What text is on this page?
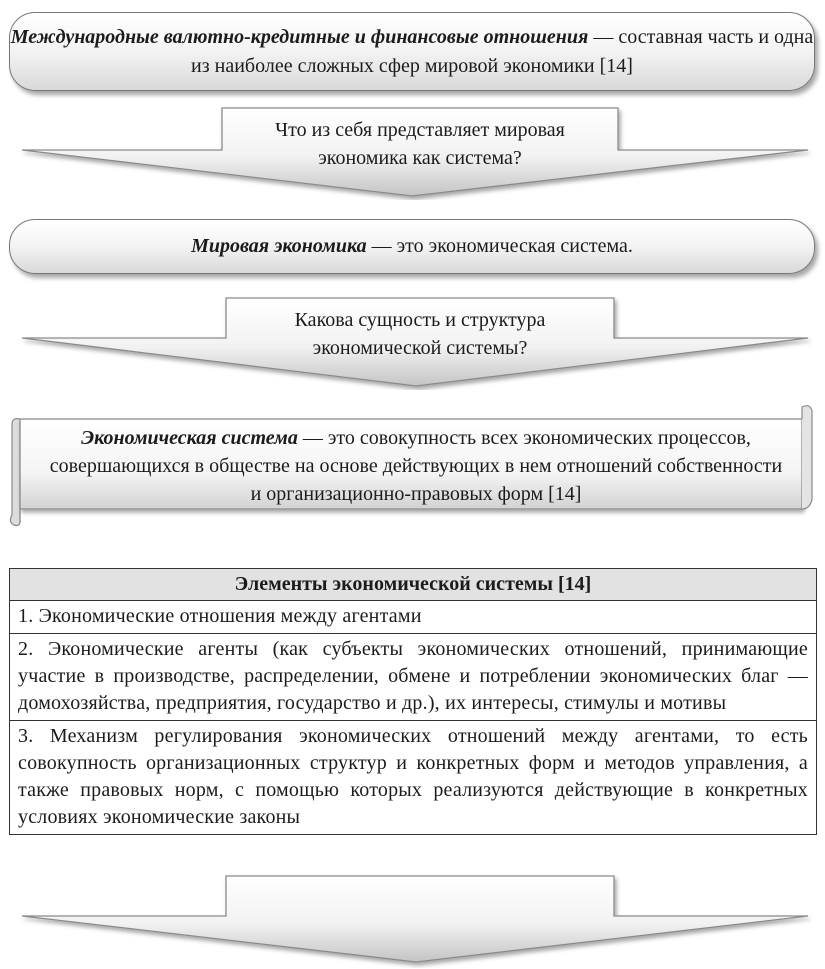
Международные валютно-кредитные и финансовые отношения — составная часть и одна из наиболее сложных сфер мировой экономики [14]
Что из себя представляет мировая
экономика как система?
Мировая экономика — это экономическая система.
Какова сущность и структура
экономической системы?
Экономическая система — это совокупность всех экономических процессов, совершающихся в обществе на основе действующих в нем отношений собственности и организационно-правовых форм [14]
Элементы экономической системы [14]
1. Экономические отношения между агентами
2. Экономические агенты (как субъекты экономических отношений, принимающие участие в производстве, распределении, обмене и потреблении экономических благ — домохозяйства, предприятия, государство и др.), их интересы, стимулы и мотивы
3. Механизм регулирования экономических отношений между агентами, то есть совокупность организационных структур и конкретных форм и методов управления, а также правовых норм, с помощью которых реализуются действующие в конкретных условиях экономические законы
